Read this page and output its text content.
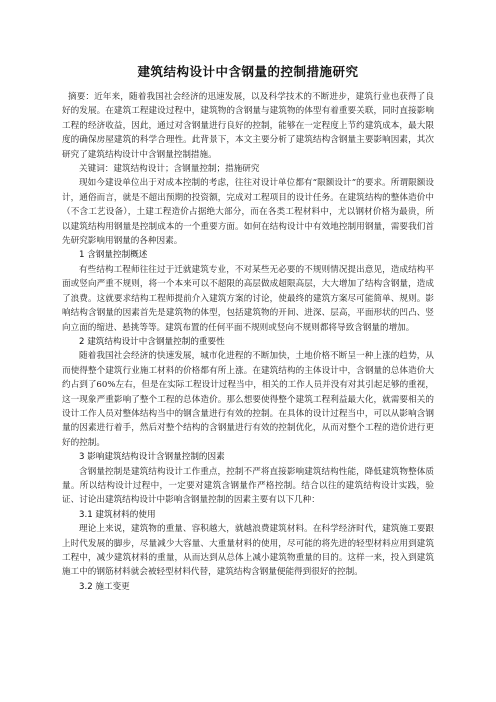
建筑结构设计中含钢量的控制措施研究

摘要：近年来，随着我国社会经济的迅速发展，以及科学技术的不断进步，建筑行业也获得了良好的发展。在建筑工程建设过程中，建筑物的含钢量与建筑物的体型有着重要关联，同时直接影响工程的经济收益，因此，通过对含钢量进行良好的控制，能够在一定程度上节约建筑成本，最大限度的确保房屋建筑的科学合理性。此背景下，本文主要分析了建筑结构含钢量主要影响因素，其次研究了建筑结构设计中含钢量控制措施。

关键词：建筑结构设计；含钢量控制；措施研究

现如今建设单位出于对成本控制的考虑，往往对设计单位都有“限额设计”的要求。所谓限额设计，通俗而言，就是不超出预期的投资额，完成对工程项目的设计任务。在建筑结构的整体造价中（不含工艺设备），土建工程造价占据绝大部分，而在各类工程材料中，尤以钢材价格为最贵，所以建筑结构用钢量是控制成本的一个重要方面。如何在结构设计中有效地控制用钢量，需要我们首先研究影响用钢量的各种因素。

1 含钢量控制概述

有些结构工程师往往过于迁就建筑专业，不对某些无必要的不规则情况提出意见，造成结构平面或竖向严重不规则，将一个本来可以不超限的高层做成超限高层，大大增加了结构含钢量，造成了浪费。这就要求结构工程师提前介入建筑方案的讨论，使最终的建筑方案尽可能简单、规则。影响结构含钢量的因素首先是建筑物的体型，包括建筑物的开间、进深、层高，平面形状的凹凸、竖向立面的缩进、悬挑等等。建筑布置的任何平面不规则或竖向不规则都将导致含钢量的增加。

2 建筑结构设计中含钢量控制的重要性

随着我国社会经济的快速发展，城市化进程的不断加快，土地价格不断呈一种上涨的趋势，从而使得整个建筑行业施工材料的价格都有所上涨。在建筑结构的主体设计中，含钢量的总体造价大约占到了60%左右，但是在实际工程设计过程当中，相关的工作人员并没有对其引起足够的重视，这一现象严重影响了整个工程的总体造价。那么想要使得整个建筑工程利益最大化，就需要相关的设计工作人员对整体结构当中的钢含量进行有效的控制。在具体的设计过程当中，可以从影响含钢量的因素进行着手，然后对整个结构的含钢量进行有效的控制优化，从而对整个工程的造价进行更好的控制。

3 影响建筑结构设计含钢量控制的因素

含钢量控制是建筑结构设计工作重点，控制不严将直接影响建筑结构性能，降低建筑物整体质量。所以结构设计过程中，一定要对建筑含钢量作严格控制。结合以往的建筑结构设计实践，验证、讨论出建筑结构设计中影响含钢量控制的因素主要有以下几种：

3.1 建筑材料的使用

理论上来说，建筑物的重量、容积越大，就越浪费建筑材料。在科学经济时代，建筑施工要跟上时代发展的脚步，尽量减少大容量、大重量材料的使用，尽可能的将先进的轻型材料应用到建筑工程中，减少建筑材料的重量，从而达到从总体上减小建筑物重量的目的。这样一来，投入到建筑施工中的钢筋材料就会被轻型材料代替，建筑结构含钢量便能得到很好的控制。

3.2 施工变更
